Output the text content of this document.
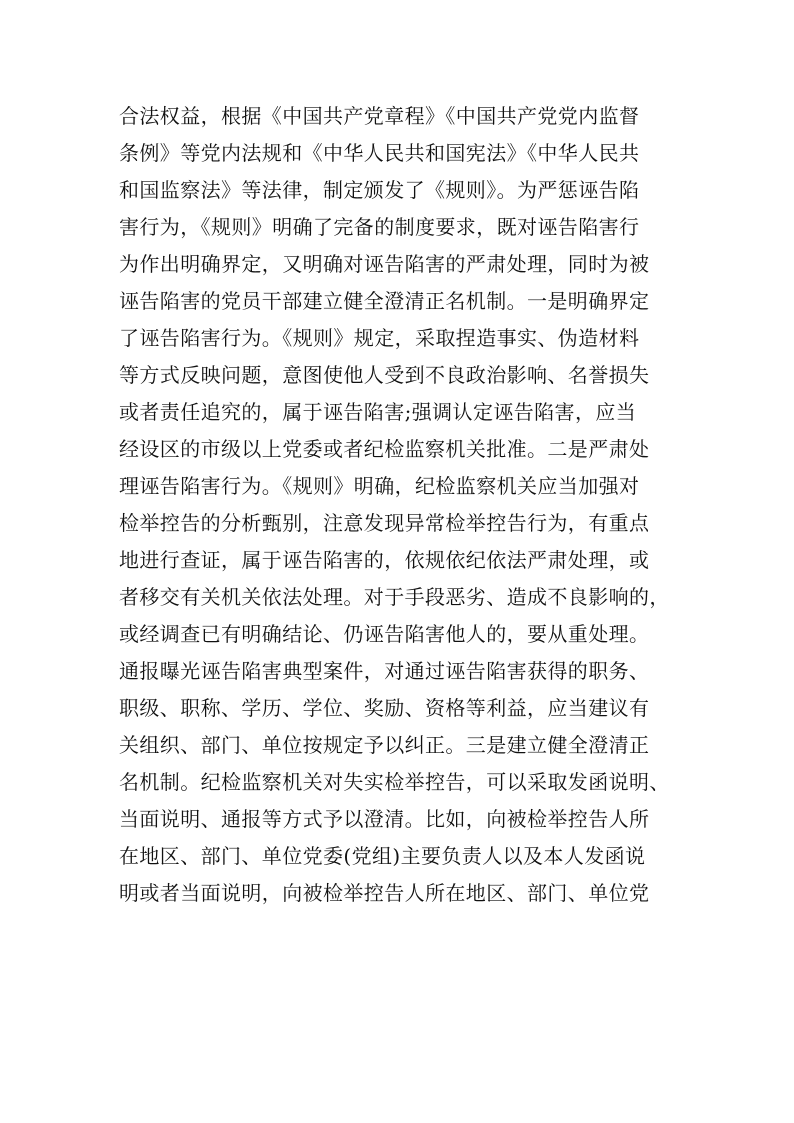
合法权益，根据《中国共产党章程》《中国共产党党内监督
条例》等党内法规和《中华人民共和国宪法》《中华人民共
和国监察法》等法律，制定颁发了《规则》。为严惩诬告陷
害行为，《规则》明确了完备的制度要求，既对诬告陷害行
为作出明确界定，又明确对诬告陷害的严肃处理，同时为被
诬告陷害的党员干部建立健全澄清正名机制。一是明确界定
了诬告陷害行为。《规则》规定，采取捏造事实、伪造材料
等方式反映问题，意图使他人受到不良政治影响、名誉损失
或者责任追究的，属于诬告陷害;强调认定诬告陷害，应当
经设区的市级以上党委或者纪检监察机关批准。二是严肃处
理诬告陷害行为。《规则》明确，纪检监察机关应当加强对
检举控告的分析甄别，注意发现异常检举控告行为，有重点
地进行查证，属于诬告陷害的，依规依纪依法严肃处理，或
者移交有关机关依法处理。对于手段恶劣、造成不良影响的，
或经调查已有明确结论、仍诬告陷害他人的，要从重处理。
通报曝光诬告陷害典型案件，对通过诬告陷害获得的职务、
职级、职称、学历、学位、奖励、资格等利益，应当建议有
关组织、部门、单位按规定予以纠正。三是建立健全澄清正
名机制。纪检监察机关对失实检举控告，可以采取发函说明、
当面说明、通报等方式予以澄清。比如，向被检举控告人所
在地区、部门、单位党委(党组)主要负责人以及本人发函说
明或者当面说明，向被检举控告人所在地区、部门、单位党
